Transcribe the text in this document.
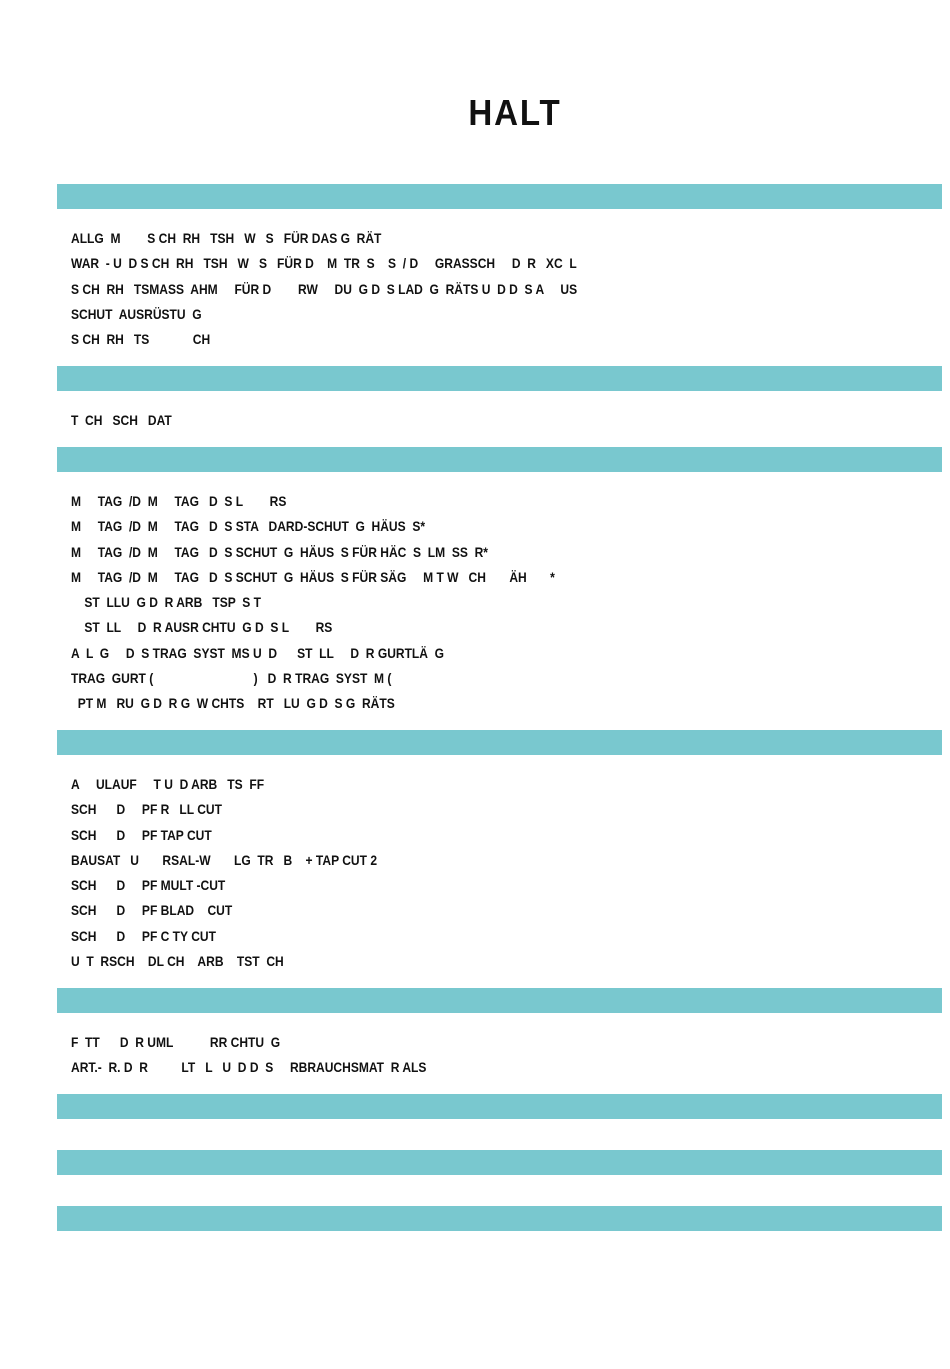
HALT
ALLG  M        S CH  RH   TSH   W   S   FÜR DAS G  RÄT
WAR  - U  D S CH  RH   TSH   W   S   FÜR D    M  TR  S    S  / D     GRASSCH     D  R   XC  L
S CH  RH   TSMASS  AHM     FÜR D        RW     DU  G D  S LAD  G  RÄTS U  D D  S A     US
SCHUT  AUSRÜSTU  G
S CH  RH   TS             CH
T  CH   SCH   DAT
M     TAG  /D  M     TAG   D  S L        RS
M     TAG  /D  M     TAG   D  S STA   DARD-SCHUT  G  HÄUS  S*
M     TAG  /D  M     TAG   D  S SCHUT  G  HÄUS  S FÜR HÄC  S  LM  SS  R*
M     TAG  /D  M     TAG   D  S SCHUT  G  HÄUS  S FÜR SÄG     M T W   CH       ÄH       *
ST  LLU  G D  R ARB   TSP  S T
ST  LL     D  R AUSR CHTU  G D  S L        RS
A  L  G     D  S TRAG  SYST  MS U  D      ST  LL     D  R GURTLÄ  G
TRAG  GURT (                              )   D  R TRAG  SYST  M (
PT M   RU  G D  R G  W CHTS    RT   LU  G D  S G  RÄTS
A     ULAUF     T U  D ARB   TS  FF
SCH      D     PF R   LL CUT
SCH      D     PF TAP CUT
BAUSAT   U       RSAL-W       LG  TR   B    + TAP CUT 2
SCH      D     PF MULT -CUT
SCH      D     PF BLAD    CUT
SCH      D     PF C TY CUT
U  T  RSCH    DL CH    ARB    TST  CH
F  TT      D  R UML           RR CHTU  G
ART.-  R. D  R          LT   L   U  D D  S     RBRAUCHSMAT  R ALS
